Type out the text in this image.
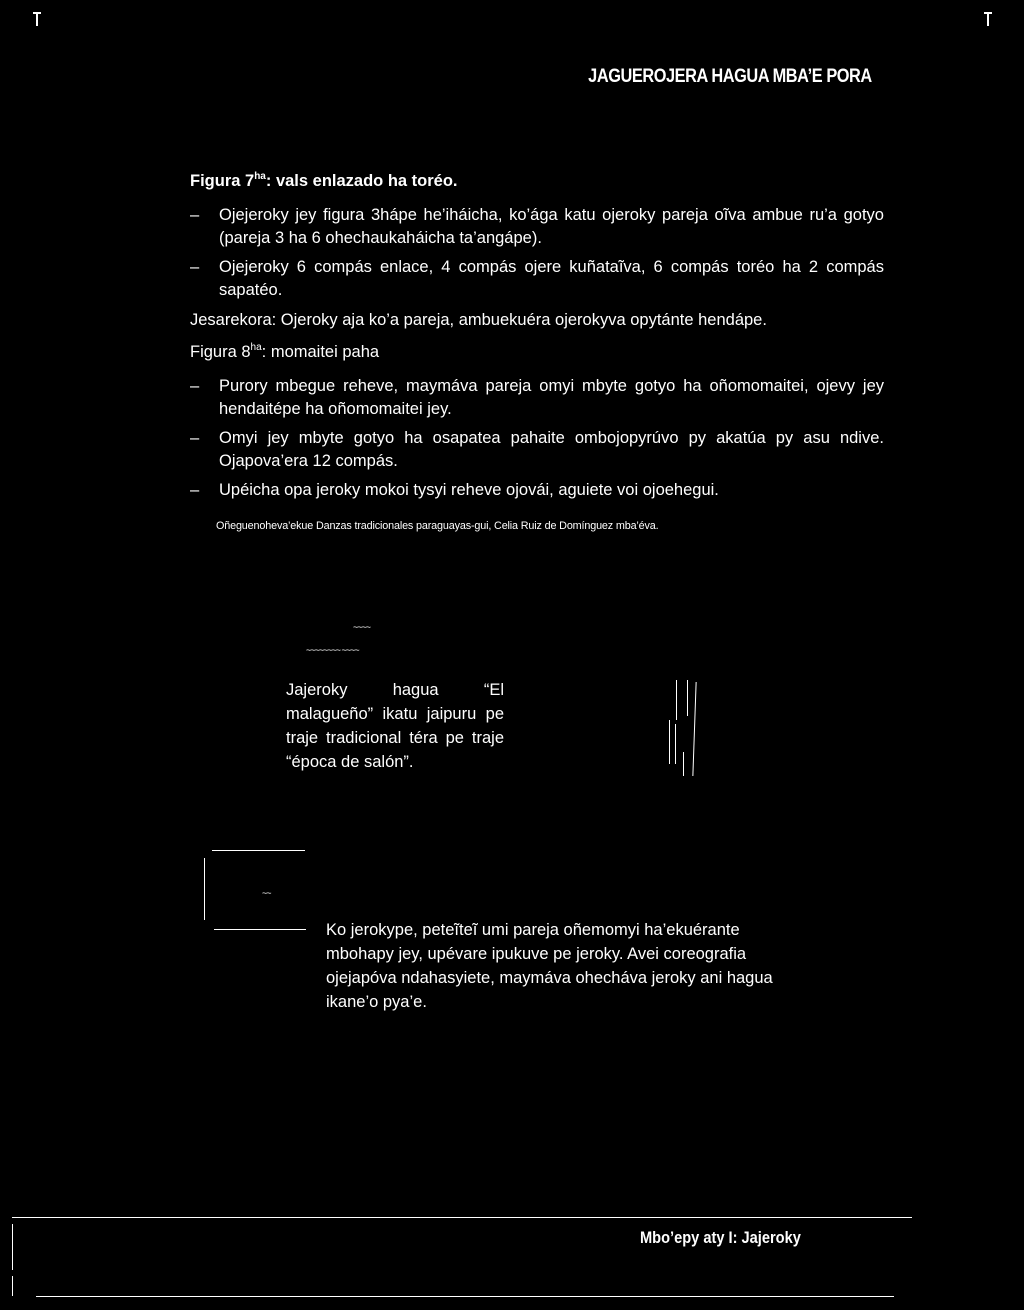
JAGUEROJERA HAGUA MBA’E PORA
Figura $7^{ha}$: vals enlazado ha toréo.
– Ojejeroky jey figura 3hápe he’iháicha, ko’ága katu ojeroky pareja oĩva ambue ru’a gotyo (pareja 3 ha 6 ohechaukaháicha ta’angápe).
– Ojejeroky 6 compás enlace, 4 compás ojere kuñataĩva, 6 compás toréo ha 2 compás sapatéo.
Jesarekora: Ojeroky aja ko’a pareja, ambuekuéra ojerokyva opytánte hendápe.
Figura $8^{ha}$: momaitei paha
– Purory mbegue reheve, maymáva pareja omyi mbyte gotyo ha oñomomaitei, ojevy jey hendaitépe ha oñomomaitei jey.
– Omyi jey mbyte gotyo ha osapatea pahaite ombojopyrúvo py akatúa py asu ndive. Ojapova’era 12 compás.
– Upéicha opa jeroky mokoi tysyi reheve ojovái, aguiete voi ojoehegui.
Oñeguenoheva’ekue Danzas tradicionales paraguayas-gui, Celia Ruiz de Domínguez mba’éva.
~~~~
~~~~~~~~ ~~~~
Jajeroky hagua “El malagueño” ikatu jaipuru pe traje tradicional téra pe traje “época de salón”.
~~
Ko jerokype, peteĩteĩ umi pareja oñemomyi ha’ekuérante mbohapy jey, upévare ipukuve pe jeroky. Avei coreografia ojejapóva ndahasyiete, maymáva ohecháva jeroky ani hagua ikane’o pya’e.
Mbo’epy aty I: Jajeroky
